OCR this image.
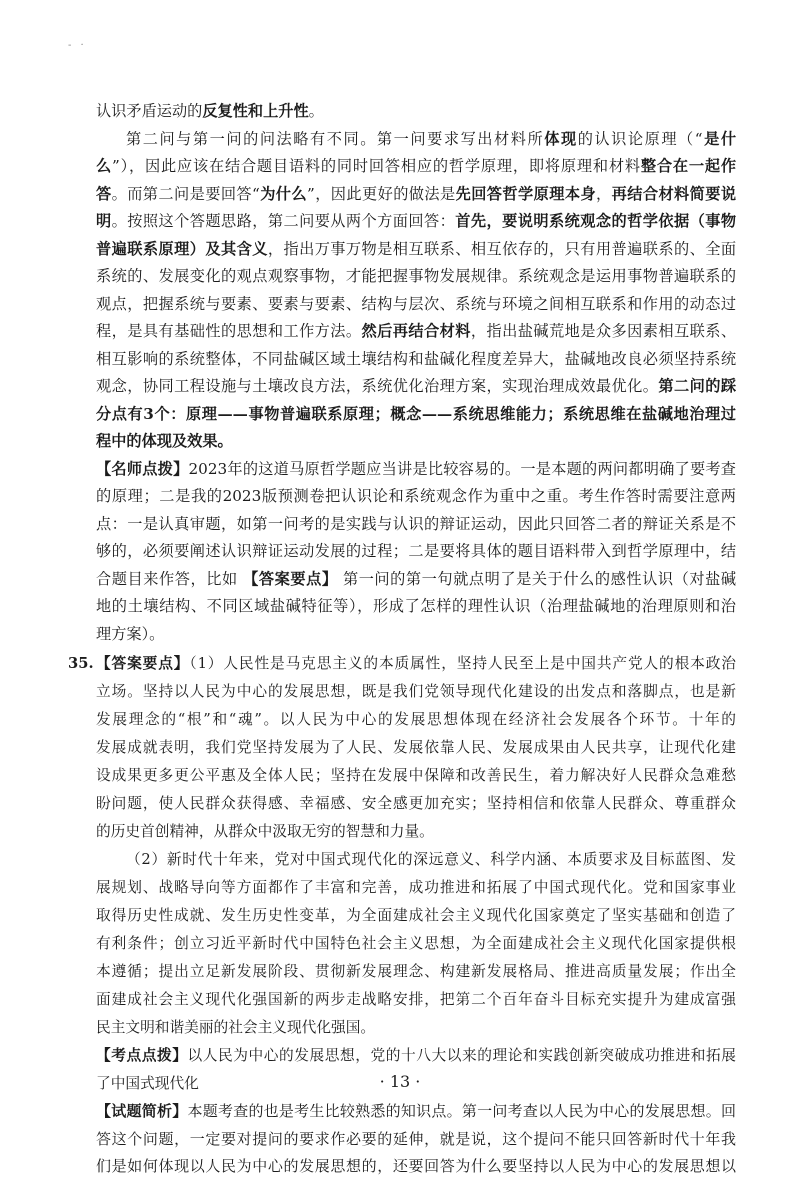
- ·
认识矛盾运动的反复性和上升性。
第二问与第一问的问法略有不同。第一问要求写出材料所体现的认识论原理（“是什
么”），因此应该在结合题目语料的同时回答相应的哲学原理，即将原理和材料整合在一起作
答。而第二问是要回答“为什么”，因此更好的做法是先回答哲学原理本身，再结合材料简要说
明。按照这个答题思路，第二问要从两个方面回答：首先，要说明系统观念的哲学依据（事物
普遍联系原理）及其含义，指出万事万物是相互联系、相互依存的，只有用普遍联系的、全面
系统的、发展变化的观点观察事物，才能把握事物发展规律。系统观念是运用事物普遍联系的
观点，把握系统与要素、要素与要素、结构与层次、系统与环境之间相互联系和作用的动态过
程，是具有基础性的思想和工作方法。然后再结合材料，指出盐碱荒地是众多因素相互联系、
相互影响的系统整体，不同盐碱区域土壤结构和盐碱化程度差异大，盐碱地改良必须坚持系统
观念，协同工程设施与土壤改良方法，系统优化治理方案，实现治理成效最优化。第二问的踩
分点有3个：原理——事物普遍联系原理；概念——系统思维能力；系统思维在盐碱地治理过
程中的体现及效果。
【名师点拨】2023年的这道马原哲学题应当讲是比较容易的。一是本题的两问都明确了要考查
的原理；二是我的2023版预测卷把认识论和系统观念作为重中之重。考生作答时需要注意两
点：一是认真审题，如第一问考的是实践与认识的辩证运动，因此只回答二者的辩证关系是不
够的，必须要阐述认识辩证运动发展的过程；二是要将具体的题目语料带入到哲学原理中，结
合题目来作答，比如 【答案要点】 第一问的第一句就点明了是关于什么的感性认识（对盐碱
地的土壤结构、不同区域盐碱特征等），形成了怎样的理性认识（治理盐碱地的治理原则和治
理方案）。
35. 【答案要点】（1）人民性是马克思主义的本质属性，坚持人民至上是中国共产党人的根本政治
立场。坚持以人民为中心的发展思想，既是我们党领导现代化建设的出发点和落脚点，也是新
发展理念的“根”和“魂”。以人民为中心的发展思想体现在经济社会发展各个环节。十年的
发展成就表明，我们党坚持发展为了人民、发展依靠人民、发展成果由人民共享，让现代化建
设成果更多更公平惠及全体人民；坚持在发展中保障和改善民生，着力解决好人民群众急难愁
盼问题，使人民群众获得感、幸福感、安全感更加充实；坚持相信和依靠人民群众、尊重群众
的历史首创精神，从群众中汲取无穷的智慧和力量。
（2）新时代十年来，党对中国式现代化的深远意义、科学内涵、本质要求及目标蓝图、发
展规划、战略导向等方面都作了丰富和完善，成功推进和拓展了中国式现代化。党和国家事业
取得历史性成就、发生历史性变革，为全面建成社会主义现代化国家奠定了坚实基础和创造了
有利条件；创立习近平新时代中国特色社会主义思想，为全面建成社会主义现代化国家提供根
本遵循；提出立足新发展阶段、贯彻新发展理念、构建新发展格局、推进高质量发展；作出全
面建成社会主义现代化强国新的两步走战略安排，把第二个百年奋斗目标充实提升为建成富强
民主文明和谐美丽的社会主义现代化强国。
【考点点拨】以人民为中心的发展思想，党的十八大以来的理论和实践创新突破成功推进和拓展
了中国式现代化
【试题简析】本题考查的也是考生比较熟悉的知识点。第一问考查以人民为中心的发展思想。回
答这个问题，一定要对提问的要求作必要的延伸，就是说，这个提问不能只回答新时代十年我
们是如何体现以人民为中心的发展思想的，还要回答为什么要坚持以人民为中心的发展思想以
· 13 ·
